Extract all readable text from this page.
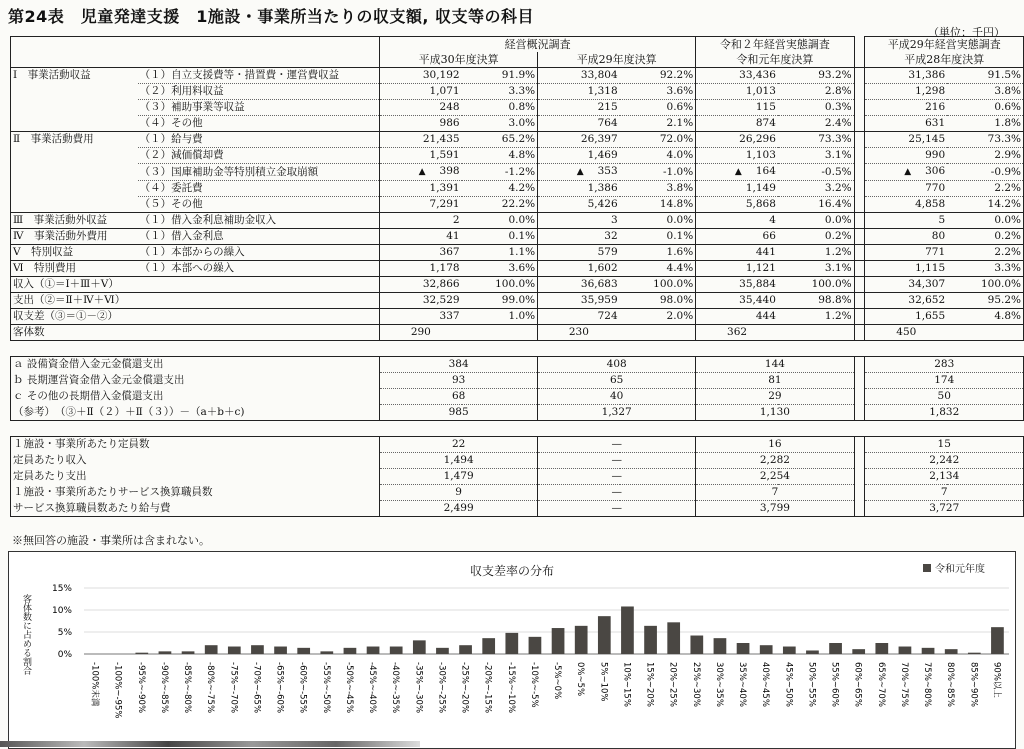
第24表　児童発達支援　1施設・事業所当たりの収支額, 収支等の科目
（単位：千円）
		経営概況調査				令和２年経営実態調査			平成29年経営実態調査	
		平成30年度決算		平成29年度決算		令和元年度決算			平成28年度決算	
Ⅰ　事業活動収益	（１）自立支援費等・措置費・運営費収益	30,192	91.9%	33,804	92.2%	33,436	93.2%		31,386	91.5%
	（２）利用料収益	1,071	3.3%	1,318	3.6%	1,013	2.8%		1,298	3.8%
	（３）補助事業等収益	248	0.8%	215	0.6%	115	0.3%		216	0.6%
	（４）その他	986	3.0%	764	2.1%	874	2.4%		631	1.8%
Ⅱ　事業活動費用	（１）給与費	21,435	65.2%	26,397	72.0%	26,296	73.3%		25,145	73.3%
	（２）減価償却費	1,591	4.8%	1,469	4.0%	1,103	3.1%		990	2.9%
	（３）国庫補助金等特別積立金取崩額	▲ 398	-1.2%	▲ 353	-1.0%	▲ 164	-0.5%		▲ 306	-0.9%
	（４）委託費	1,391	4.2%	1,386	3.8%	1,149	3.2%		770	2.2%
	（５）その他	7,291	22.2%	5,426	14.8%	5,868	16.4%		4,858	14.2%
Ⅲ　事業活動外収益	（１）借入金利息補助金収入	2	0.0%	3	0.0%	4	0.0%		5	0.0%
Ⅳ　事業活動外費用	（１）借入金利息	41	0.1%	32	0.1%	66	0.2%		80	0.2%
Ⅴ　特別収益	（１）本部からの繰入	367	1.1%	579	1.6%	441	1.2%		771	2.2%
Ⅵ　特別費用	（１）本部への繰入	1,178	3.6%	1,602	4.4%	1,121	3.1%		1,115	3.3%
収入（①＝Ⅰ＋Ⅲ＋Ⅴ）		32,866	100.0%	36,683	100.0%	35,884	100.0%		34,307	100.0%
支出（②＝Ⅱ＋Ⅳ＋Ⅵ）		32,529	99.0%	35,959	98.0%	35,440	98.8%		32,652	95.2%
収支差（③＝①－②）		337	1.0%	724	2.0%	444	1.2%		1,655	4.8%
客体数		290		230		362			450	

ａ 設備資金借入金元金償還支出		384		408		144			283	
ｂ 長期運営資金借入金元金償還支出		93		65		81			174	
ｃ その他の長期借入金償還支出		68		40		29			50	
（参考）　（③＋Ⅱ（２）＋Ⅱ（３））－（a＋b＋c)		985		1,327		1,130			1,832	

１施設・事業所あたり定員数		22		—		16			15	
定員あたり収入		1,494		—		2,282			2,242	
定員あたり支出		1,479		—		2,254			2,134	
１施設・事業所あたりサービス換算職員数		9		—		7			7	
サービス換算職員数あたり給与費		2,499		—		3,799			3,727	
※無回答の施設・事業所は含まれない。
0%
5%
10%
15%
-100%未満 -100%~-95% -95%~-90% -90%~-85% -85%~-80% -80%~-75% -75%~-70% -70%~-65% -65%~-60% -60%~-55% -55%~-50% -50%~-45% -45%~-40% -40%~-35% -35%~-30% -30%~-25% -25%~-20% -20%~-15% -15%~-10% -10%~-5% -5%~0% 0%~5% 5%~10% 10%~15% 15%~20% 20%~25% 25%~30% 30%~35% 35%~40% 40%~45% 45%~50% 50%~55% 55%~60% 60%~65% 65%~70% 70%~75% 75%~80% 80%~85% 85%~90% 90%以上
収支差率の分布	令和元年度
客体数に占める割合
